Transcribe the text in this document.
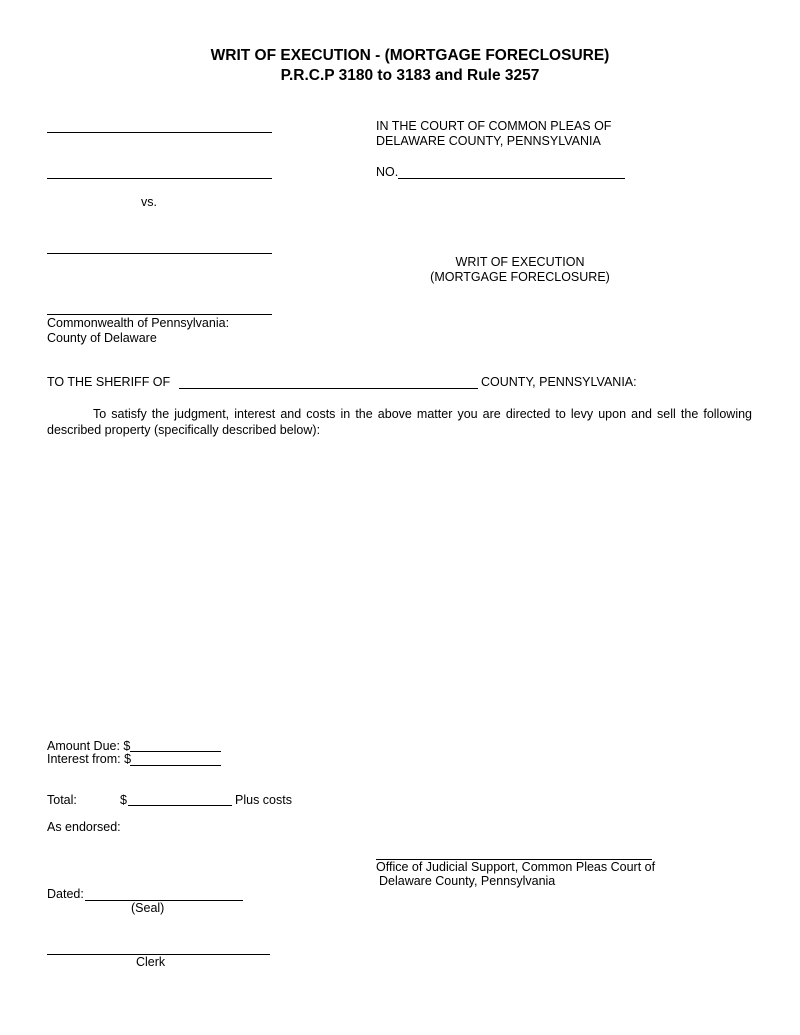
WRIT OF EXECUTION - (MORTGAGE FORECLOSURE)
P.R.C.P 3180 to 3183 and Rule 3257
vs.
IN THE COURT OF COMMON PLEAS OF
DELAWARE COUNTY, PENNSYLVANIA
NO.
WRIT OF EXECUTION
(MORTGAGE FORECLOSURE)
Commonwealth of Pennsylvania:
County of Delaware
TO THE SHERIFF OF	COUNTY, PENNSYLVANIA:
To satisfy the judgment, interest and costs in the above matter you are directed to levy upon and sell the following described property (specifically described below):
Amount Due: $
Interest from: $
Total:	$	Plus costs
As endorsed:
Office of Judicial Support, Common Pleas Court of
Delaware County, Pennsylvania
Dated:
(Seal)
Clerk
